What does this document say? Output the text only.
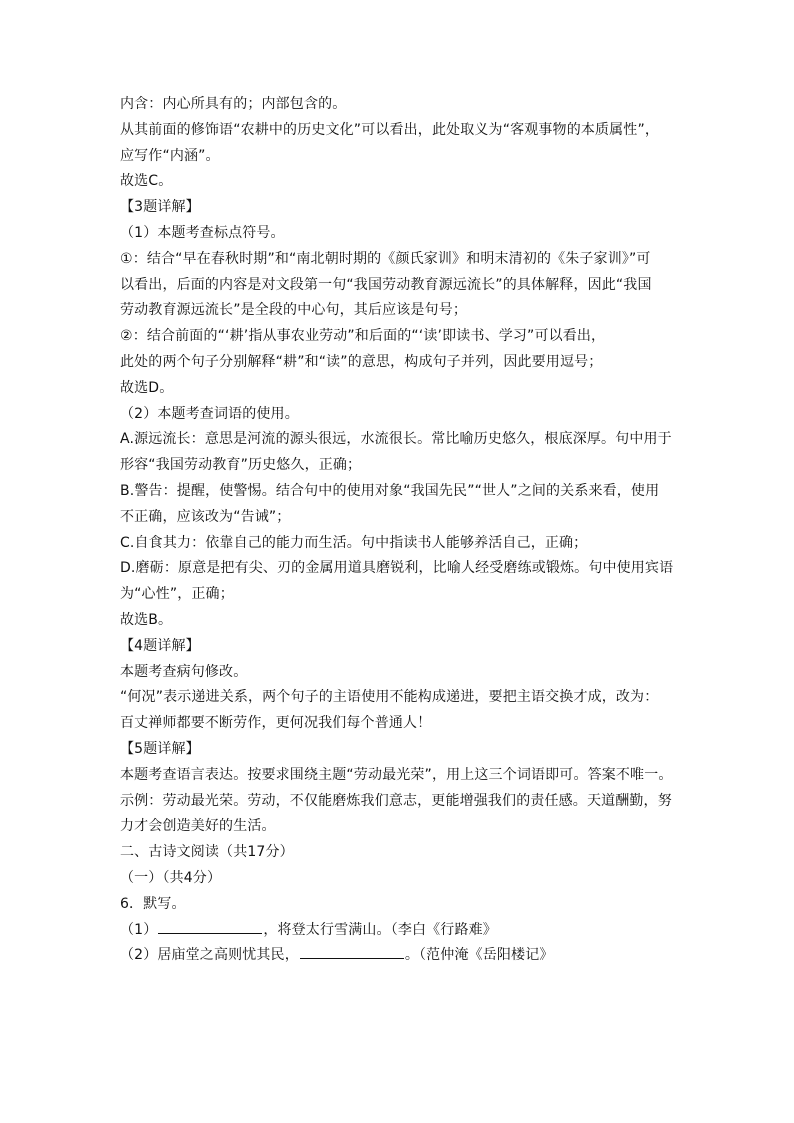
内含：内心所具有的；内部包含的。
从其前面的修饰语“农耕中的历史文化”可以看出，此处取义为“客观事物的本质属性”，
应写作“内涵”。
故选C。
【3题详解】
（1）本题考查标点符号。
①：结合“早在春秋时期”和“南北朝时期的《颜氏家训》和明末清初的《朱子家训》”可
以看出，后面的内容是对文段第一句“我国劳动教育源远流长”的具体解释，因此“我国
劳动教育源远流长”是全段的中心句，其后应该是句号；
②：结合前面的“‘耕’指从事农业劳动”和后面的“‘读’即读书、学习”可以看出，
此处的两个句子分别解释“耕”和“读”的意思，构成句子并列，因此要用逗号；
故选D。
（2）本题考查词语的使用。
A.源远流长：意思是河流的源头很远，水流很长。常比喻历史悠久，根底深厚。句中用于
形容“我国劳动教育”历史悠久，正确；
B.警告：提醒，使警惕。结合句中的使用对象“我国先民”“世人”之间的关系来看，使用
不正确，应该改为“告诫”；
C.自食其力：依靠自己的能力而生活。句中指读书人能够养活自己，正确；
D.磨砺：原意是把有尖、刃的金属用道具磨锐利，比喻人经受磨练或锻炼。句中使用宾语
为“心性”，正确；
故选B。
【4题详解】
本题考查病句修改。
“何况”表示递进关系，两个句子的主语使用不能构成递进，要把主语交换才成，改为：
百丈禅师都要不断劳作，更何况我们每个普通人！
【5题详解】
本题考查语言表达。按要求围绕主题“劳动最光荣”，用上这三个词语即可。答案不唯一。
示例：劳动最光荣。劳动，不仅能磨炼我们意志，更能增强我们的责任感。天道酬勤，努
力才会创造美好的生活。
二、古诗文阅读（共17分）
（一）（共4分）
6．默写。
（1）	，将登太行雪满山。（李白《行路难》
（2）居庙堂之高则忧其民，	。（范仲淹《岳阳楼记》
